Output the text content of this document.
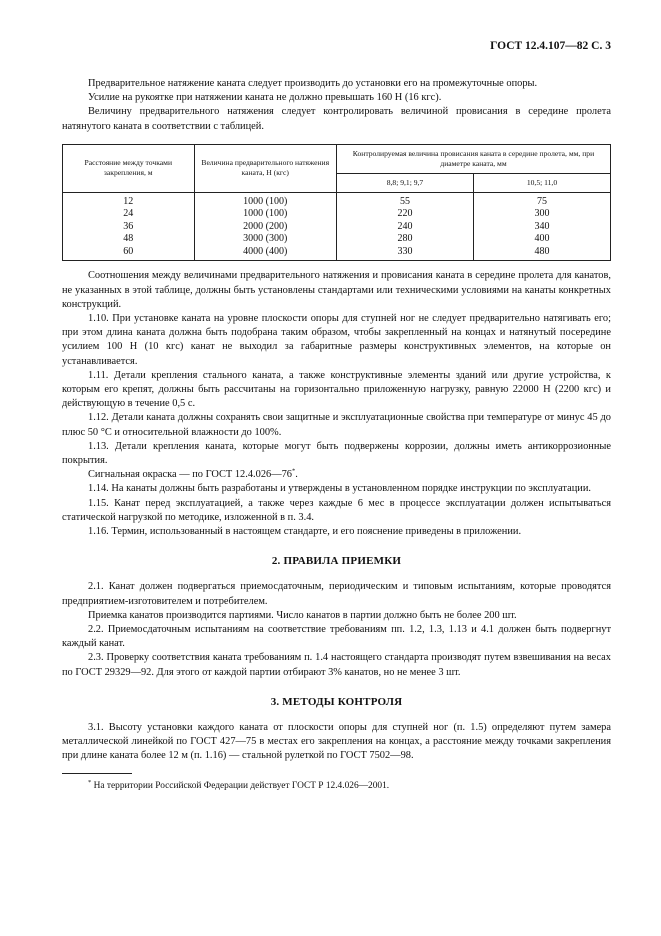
ГОСТ 12.4.107—82 С. 3

Предварительное натяжение каната следует производить до установки его на промежуточные опоры.

Усилие на рукоятке при натяжении каната не должно превышать 160 Н (16 кгс).

Величину предварительного натяжения следует контролировать величиной провисания в середине пролета натянутого каната в соответствии с таблицей.

Расстояние между точками закрепления, м	Величина предварительного натяжения каната, Н (кгс)	Контролируемая величина провисания каната в середине пролета, мм, при диаметре каната, мм	
		8,8; 9,1; 9,7	10,5; 11,0
12	1000 (100)	55	75
24	1000 (100)	220	300
36	2000 (200)	240	340
48	3000 (300)	280	400
60	4000 (400)	330	480

Соотношения между величинами предварительного натяжения и провисания каната в середине пролета для канатов, не указанных в этой таблице, должны быть установлены стандартами или техническими условиями на канаты конкретных конструкций.

1.10. При установке каната на уровне плоскости опоры для ступней ног не следует предварительно натягивать его; при этом длина каната должна быть подобрана таким образом, чтобы закрепленный на концах и натянутый посередине усилием 100 Н (10 кгс) канат не выходил за габаритные размеры конструктивных элементов, на которые он устанавливается.

1.11. Детали крепления стального каната, а также конструктивные элементы зданий или другие устройства, к которым его крепят, должны быть рассчитаны на горизонтально приложенную нагрузку, равную 22000 Н (2200 кгс) и действующую в течение 0,5 с.

1.12. Детали каната должны сохранять свои защитные и эксплуатационные свойства при температуре от минус 45 до плюс 50 °С и относительной влажности до 100%.

1.13. Детали крепления каната, которые могут быть подвержены коррозии, должны иметь антикоррозионные покрытия.

Сигнальная окраска — по ГОСТ 12.4.026—76*.

1.14. На канаты должны быть разработаны и утверждены в установленном порядке инструкции по эксплуатации.

1.15. Канат перед эксплуатацией, а также через каждые 6 мес в процессе эксплуатации должен испытываться статической нагрузкой по методике, изложенной в п. 3.4.

1.16. Термин, использованный в настоящем стандарте, и его пояснение приведены в приложении.

2. ПРАВИЛА ПРИЕМКИ

2.1. Канат должен подвергаться приемосдаточным, периодическим и типовым испытаниям, которые проводятся предприятием-изготовителем и потребителем.

Приемка канатов производится партиями. Число канатов в партии должно быть не более 200 шт.

2.2. Приемосдаточным испытаниям на соответствие требованиям пп. 1.2, 1.3, 1.13 и 4.1 должен быть подвергнут каждый канат.

2.3. Проверку соответствия каната требованиям п. 1.4 настоящего стандарта производят путем взвешивания на весах по ГОСТ 29329—92. Для этого от каждой партии отбирают 3% канатов, но не менее 3 шт.

3. МЕТОДЫ КОНТРОЛЯ

3.1. Высоту установки каждого каната от плоскости опоры для ступней ног (п. 1.5) определяют путем замера металлической линейкой по ГОСТ 427—75 в местах его закрепления на концах, а расстояние между точками закрепления при длине каната более 12 м (п. 1.16) — стальной рулеткой по ГОСТ 7502—98.

* На территории Российской Федерации действует ГОСТ Р 12.4.026—2001.
